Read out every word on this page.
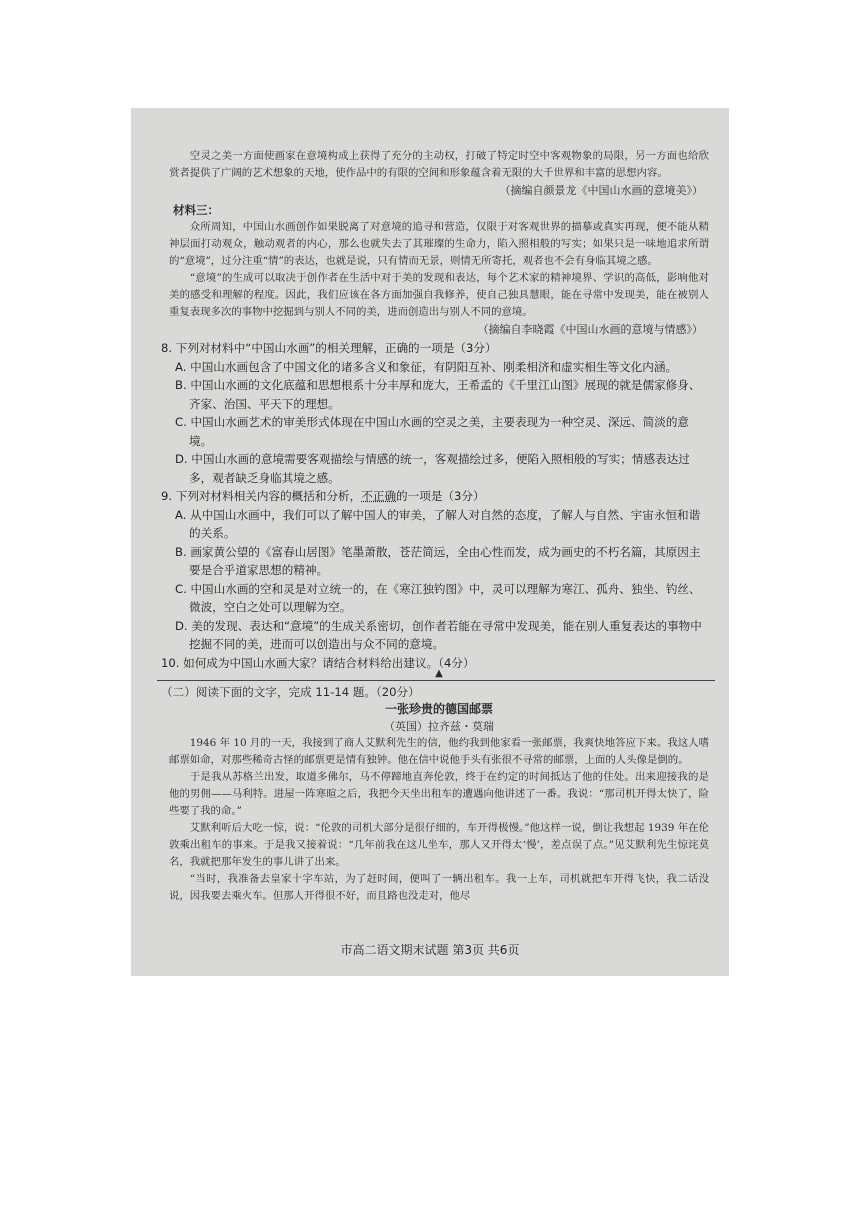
空灵之美一方面使画家在意境构成上获得了充分的主动权，打破了特定时空中客观物象的局限，另一方面也给欣赏者提供了广阔的艺术想象的天地，使作品中的有限的空间和形象蕴含着无限的大千世界和丰富的思想内容。

（摘编自颜景龙《中国山水画的意境美》）

材料三：

众所周知，中国山水画创作如果脱离了对意境的追寻和营造，仅限于对客观世界的描摹或真实再现，便不能从精神层面打动观众，触动观者的内心，那么也就失去了其璀璨的生命力，陷入照相般的写实；如果只是一味地追求所谓的“意境”，过分注重“情”的表达，也就是说，只有情而无景，则情无所寄托，观者也不会有身临其境之感。

“意境”的生成可以取决于创作者在生活中对于美的发现和表达，每个艺术家的精神境界、学识的高低，影响他对美的感受和理解的程度。因此，我们应该在各方面加强自我修养，使自己独具慧眼，能在寻常中发现美，能在被别人重复表现多次的事物中挖掘到与别人不同的美，进而创造出与别人不同的意境。

（摘编自李晓霞《中国山水画的意境与情感》）

8. 下列对材料中“中国山水画”的相关理解，正确的一项是（3分）

A. 中国山水画包含了中国文化的诸多含义和象征，有阴阳互补、刚柔相济和虚实相生等文化内涵。

B. 中国山水画的文化底蕴和思想根系十分丰厚和庞大，王希孟的《千里江山图》展现的就是儒家修身、齐家、治国、平天下的理想。

C. 中国山水画艺术的审美形式体现在中国山水画的空灵之美，主要表现为一种空灵、深远、简淡的意境。

D. 中国山水画的意境需要客观描绘与情感的统一，客观描绘过多，便陷入照相般的写实；情感表达过多，观者缺乏身临其境之感。

9. 下列对材料相关内容的概括和分析，不正确的一项是（3分）

A. 从中国山水画中，我们可以了解中国人的审美，了解人对自然的态度，了解人与自然、宇宙永恒和谐的关系。

B. 画家黄公望的《富春山居图》笔墨萧散，苍茫简远，全由心性而发，成为画史的不朽名篇，其原因主要是合乎道家思想的精神。

C. 中国山水画的空和灵是对立统一的，在《寒江独钓图》中，灵可以理解为寒江、孤舟、独坐、钓丝、微波，空白之处可以理解为空。

D. 美的发现、表达和“意境”的生成关系密切，创作者若能在寻常中发现美，能在别人重复表达的事物中挖掘不同的美，进而可以创造出与众不同的意境。

10. 如何成为中国山水画大家？请结合材料给出建议。（4分）

▲

（二）阅读下面的文字，完成 11-14 题。（20分）

一张珍贵的德国邮票

（英国）拉齐兹・莫瑞

1946 年 10 月的一天，我接到了商人艾默利先生的信，他约我到他家看一张邮票，我爽快地答应下来。我这人嗜邮票如命，对那些稀奇古怪的邮票更是情有独钟。他在信中说他手头有张很不寻常的邮票，上面的人头像是倒的。

于是我从苏格兰出发，取道多佛尔，马不停蹄地直奔伦敦，终于在约定的时间抵达了他的住处。出来迎接我的是他的男佣——马利特。进屋一阵寒暄之后，我把今天坐出租车的遭遇向他讲述了一番。我说：“那司机开得太快了，险些要了我的命。”

艾默利听后大吃一惊，说：“伦敦的司机大部分是很仔细的，车开得极慢。”他这样一说，倒让我想起 1939 年在伦敦乘出租车的事来。于是我又接着说：“几年前我在这儿坐车，那人又开得太‘慢’，差点误了点。”见艾默利先生惊诧莫名，我就把那年发生的事儿讲了出来。

“当时，我准备去皇家十字车站，为了赶时间，便叫了一辆出租车。我一上车，司机就把车开得飞快，我二话没说，因我要去乘火车。但那人开得很不好，而且路也没走对，他尽

市高二语文期末试题 第3页 共6页
